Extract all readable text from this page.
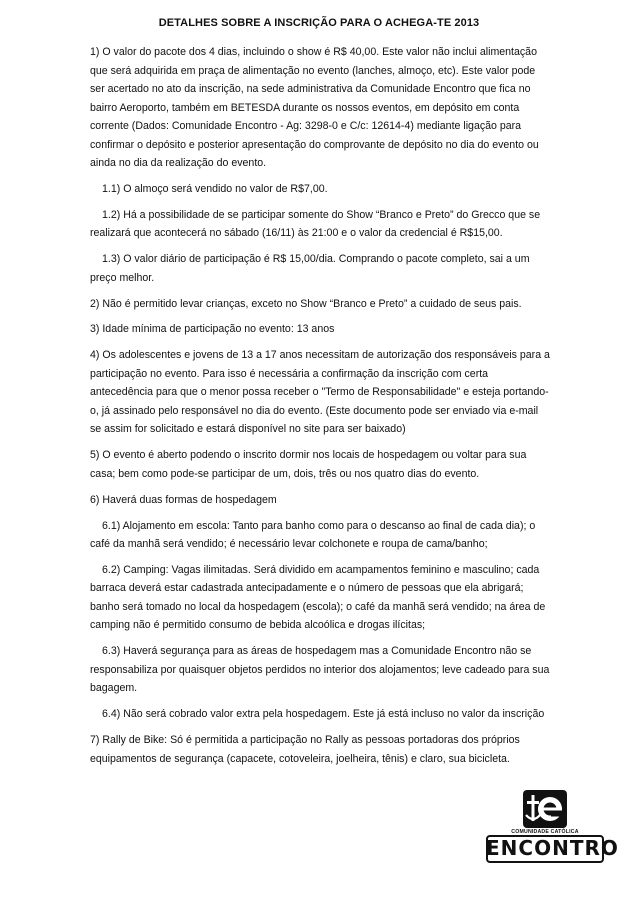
DETALHES SOBRE A INSCRIÇÃO PARA O ACHEGA-TE 2013

1) O valor do pacote dos 4 dias, incluindo o show é R$ 40,00. Este valor não inclui alimentação que será adquirida em praça de alimentação no evento (lanches, almoço, etc). Este valor pode ser acertado no ato da inscrição, na sede administrativa da Comunidade Encontro que fica no bairro Aeroporto, também em BETESDA durante os nossos eventos, em depósito em conta corrente (Dados: Comunidade Encontro - Ag: 3298-0 e C/c: 12614-4) mediante ligação para confirmar o depósito e posterior apresentação do comprovante de depósito no dia do evento ou ainda no dia da realização do evento.

1.1) O almoço será vendido no valor de R$7,00.

1.2) Há a possibilidade de se participar somente do Show “Branco e Preto” do Grecco que se realizará que acontecerá no sábado (16/11) às 21:00 e o valor da credencial é R$15,00.

1.3) O valor diário de participação é R$ 15,00/dia. Comprando o pacote completo, sai a um preço melhor.

2) Não é permitido levar crianças, exceto no Show “Branco e Preto” a cuidado de seus pais.

3) Idade mínima de participação no evento: 13 anos

4) Os adolescentes e jovens de 13 a 17 anos necessitam de autorização dos responsáveis para a participação no evento. Para isso é necessária a confirmação da inscrição com certa antecedência para que o menor possa receber o "Termo de Responsabilidade" e esteja portando-o, já assinado pelo responsável no dia do evento. (Este documento pode ser enviado via e-mail se assim for solicitado e estará disponível no site para ser baixado)

5) O evento é aberto podendo o inscrito dormir nos locais de hospedagem ou voltar para sua casa; bem como pode-se participar de um, dois, três ou nos quatro dias do evento.

6) Haverá duas formas de hospedagem

6.1) Alojamento em escola: Tanto para banho como para o descanso ao final de cada dia); o café da manhã será vendido; é necessário levar colchonete e roupa de cama/banho;

6.2) Camping: Vagas ilimitadas. Será dividido em acampamentos feminino e masculino; cada barraca deverá estar cadastrada antecipadamente e o número de pessoas que ela abrigará; banho será tomado no local da hospedagem (escola); o café da manhã será vendido; na área de camping não é permitido consumo de bebida alcoólica e drogas ilícitas;

6.3) Haverá segurança para as áreas de hospedagem mas a Comunidade Encontro não se responsabiliza por quaisquer objetos perdidos no interior dos alojamentos; leve cadeado para sua bagagem.

6.4) Não será cobrado valor extra pela hospedagem. Este já está incluso no valor da inscrição

7) Rally de Bike: Só é permitida a participação no Rally as pessoas portadoras dos próprios equipamentos de segurança (capacete, cotoveleira, joelheira, tênis) e claro, sua bicicleta.

COMUNIDADE CATÓLICA
ENCONTRO
